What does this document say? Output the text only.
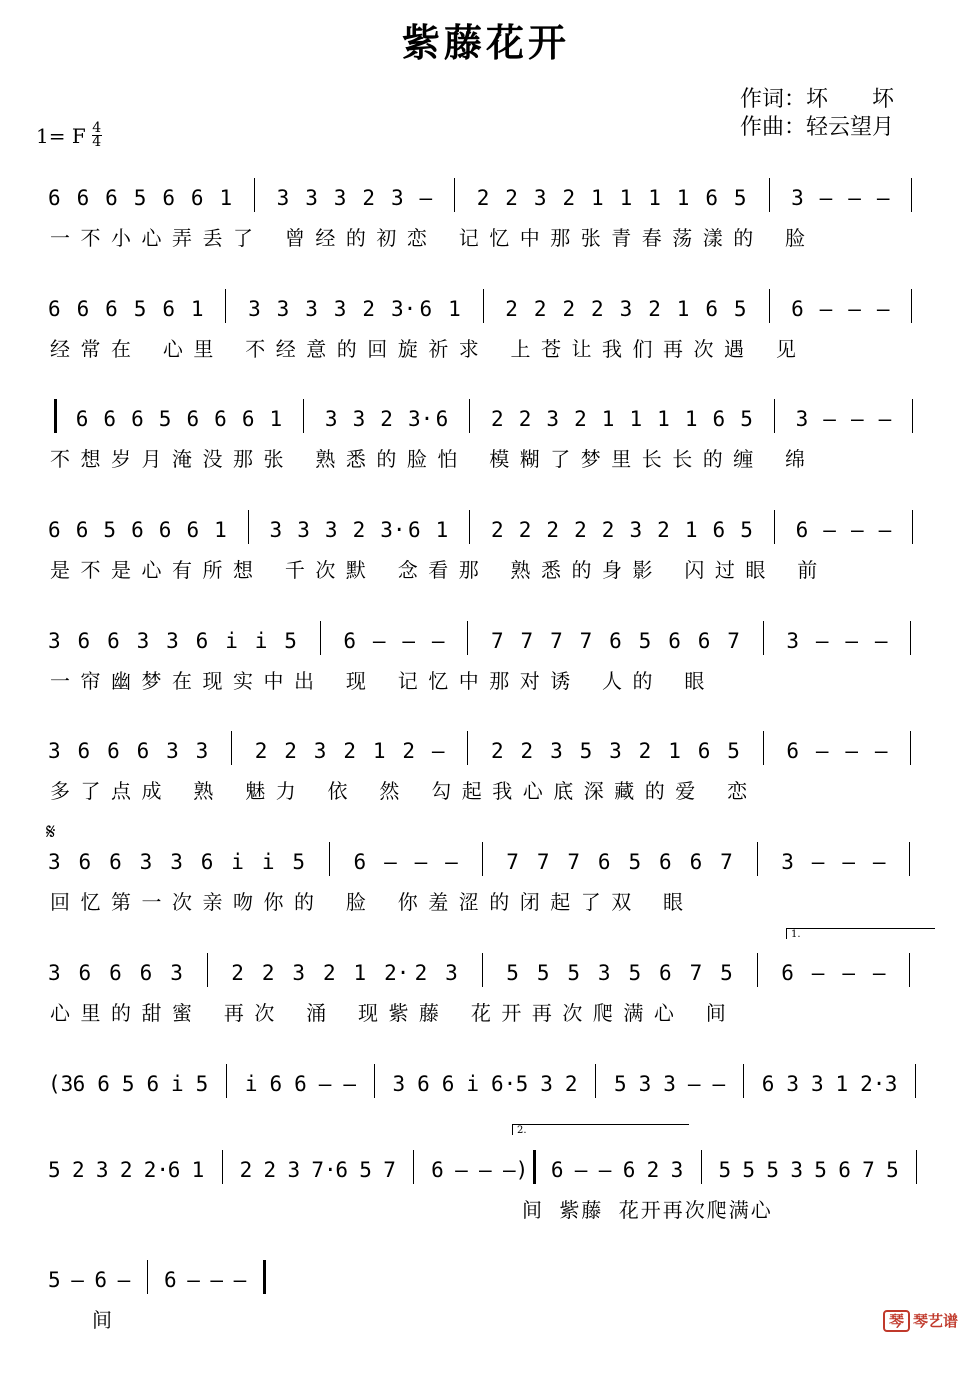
紫藤花开
作词：坏　　坏
作曲：轻云望月
1= F $\frac{4}{4}$
𝄋
1.
2.
6 6 6 5 6 6 1 3 3 3 2 3 – 2 2 3 2 1 1 1 1 6 5 3 – – –
一 不 小 心 弄 丢 了 曾 经 的 初 恋 记 忆 中 那 张 青 春 荡 漾 的 脸
6 6 6 5 6 1 3 3 3 3 2 3· 6 1 2 2 2 2 3 2 1 6 5 6 – – –
经 常 在 心 里 不 经 意 的 回 旋 祈 求 上 苍 让 我 们 再 次 遇 见
6 6 6 5 6 6 6 1 3 3 2 3· 6 2 2 3 2 1 1 1 1 6 5 3 – – –
不 想 岁 月 淹 没 那 张 熟 悉 的 脸 怕 模 糊 了 梦 里 长 长 的 缠 绵
6 6 5 6 6 6 1 3 3 3 2 3· 6 1 2 2 2 2 2 3 2 1 6 5 6 – – –
是 不 是 心 有 所 想 千 次 默 念 看 那 熟 悉 的 身 影 闪 过 眼 前
3 6 6 3 3 6 i i 5 6 – – – 7 7 7 7 6 5 6 6 7 3 – – –
一 帘 幽 梦 在 现 实 中 出 现 记 忆 中 那 对 诱 人 的 眼
3 6 6 6 3 3 2 2 3 2 1 2 – 2 2 3 5 3 2 1 6 5 6 – – –
多 了 点 成 熟 魅 力 依 然 勾 起 我 心 底 深 藏 的 爱 恋
3 6 6 3 3 6 i i 5 6 – – – 7 7 7 6 5 6 6 7 3 – – –
回 忆 第 一 次 亲 吻 你 的 脸 你 羞 涩 的 闭 起 了 双 眼
3 6 6 6 3 2 2 3 2 1 2· 2 3 5 5 5 3 5 6 7 5 6 – – –
心 里 的 甜 蜜 再 次 涌 现 紫 藤 花 开 再 次 爬 满 心 间
(3 6 6 5 6 i 5 i 6 6 – – 3 6 6 i 6· 5 3 2 5 3 3 – – 6 3 3 1 2· 3
5 2 3 2 2·
6 1 2 2 3 7·
6 5 7 6 – – –) 6 – – 6 2 3 5 5 5 3 5 6 7 5
间 紫 藤 花 开 再 次 爬 满 心
5 – 6 – 6 – – –
间	琴 琴艺谱
